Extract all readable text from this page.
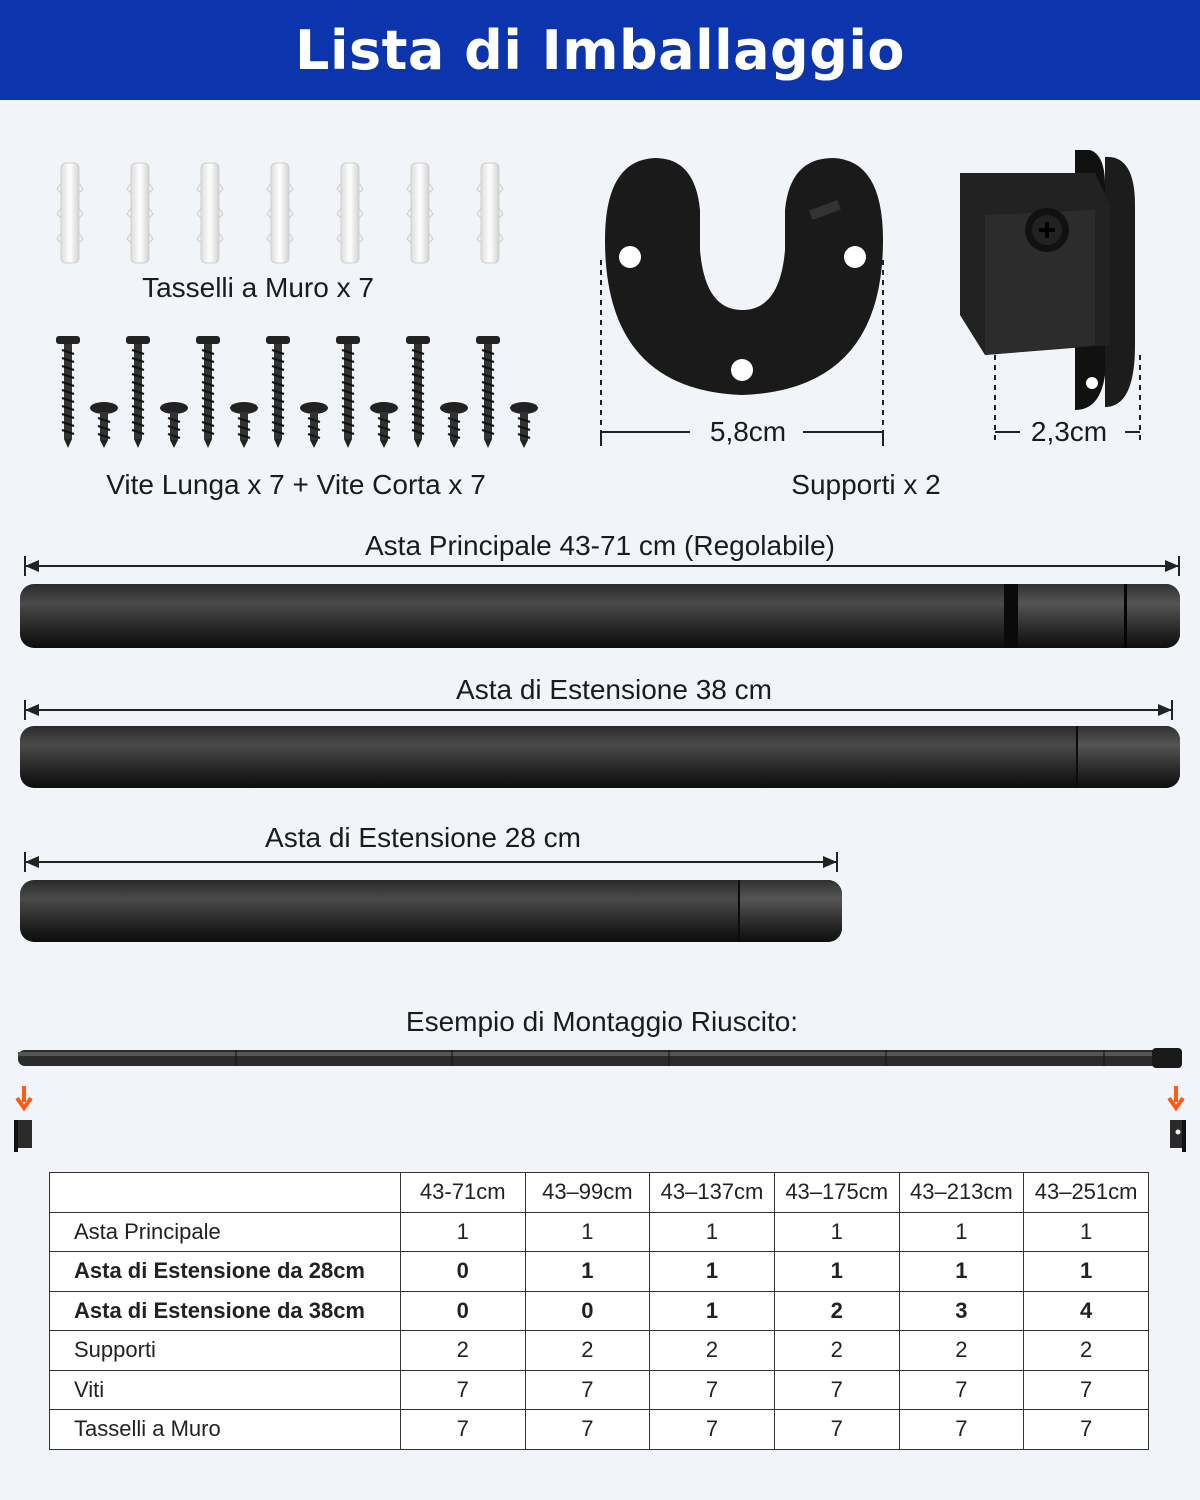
Lista di Imballaggio
Tasselli a Muro x 7
Vite Lunga x 7 + Vite Corta x 7
5,8cm	2,3cm
Supporti x 2
Asta Principale 43-71 cm (Regolabile)
Asta di Estensione 38 cm
Asta di Estensione 28 cm
Esempio di Montaggio Riuscito:
	43-71cm	43–99cm	43–137cm	43–175cm	43–213cm	43–251cm
Asta Principale	1	1	1	1	1	1
Asta di Estensione da 28cm	0	1	1	1	1	1
Asta di Estensione da 38cm	0	0	1	2	3	4
Supporti	2	2	2	2	2	2
Viti	7	7	7	7	7	7
Tasselli a Muro	7	7	7	7	7	7
